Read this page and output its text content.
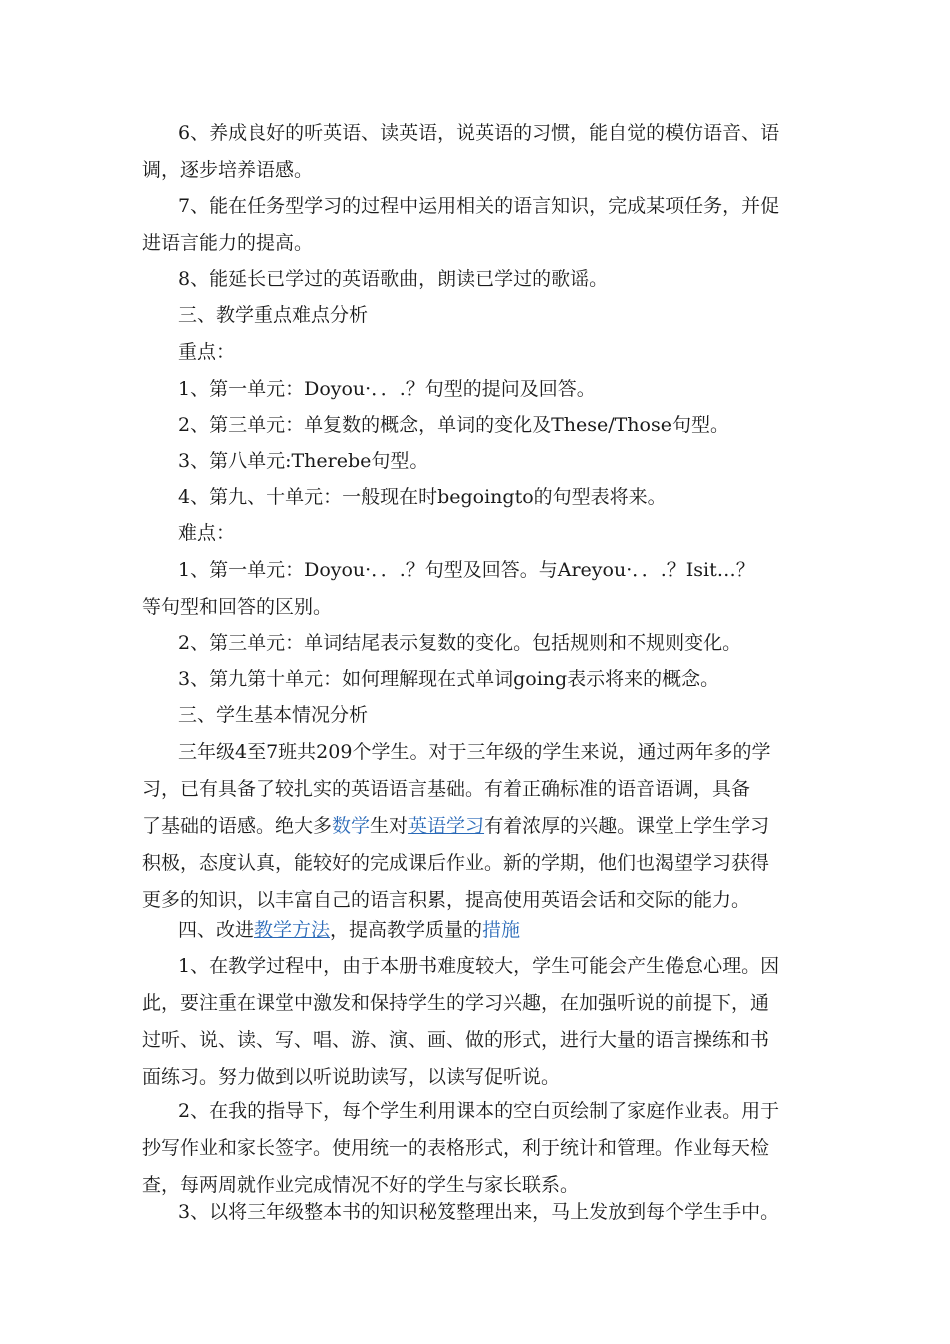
6、养成良好的听英语、读英语，说英语的习惯，能自觉的模仿语音、语
调，逐步培养语感。

7、能在任务型学习的过程中运用相关的语言知识，完成某项任务，并促
进语言能力的提高。

8、能延长已学过的英语歌曲，朗读已学过的歌谣。

三、教学重点难点分析

重点：

1、第一单元：Doyou·．．.？句型的提问及回答。

2、第三单元：单复数的概念，单词的变化及These/Those句型。

3、第八单元:Therebe句型。

4、第九、十单元：一般现在时begoingto的句型表将来。

难点：

1、第一单元：Doyou·．．.？句型及回答。与Areyou·．．.？Isit…？
等句型和回答的区别。

2、第三单元：单词结尾表示复数的变化。包括规则和不规则变化。

3、第九第十单元：如何理解现在式单词going表示将来的概念。

三、学生基本情况分析

三年级4至7班共209个学生。对于三年级的学生来说，通过两年多的学
习，已有具备了较扎实的英语语言基础。有着正确标准的语音语调，具备
了基础的语感。绝大多数学生对英语学习有着浓厚的兴趣。课堂上学生学习
积极，态度认真，能较好的完成课后作业。新的学期，他们也渴望学习获得
更多的知识，以丰富自己的语言积累，提高使用英语会话和交际的能力。

四、改进教学方法，提高教学质量的措施

1、在教学过程中，由于本册书难度较大，学生可能会产生倦怠心理。因
此，要注重在课堂中激发和保持学生的学习兴趣，在加强听说的前提下，通
过听、说、读、写、唱、游、演、画、做的形式，进行大量的语言操练和书
面练习。努力做到以听说助读写，以读写促听说。

2、在我的指导下，每个学生利用课本的空白页绘制了家庭作业表。用于
抄写作业和家长签字。使用统一的表格形式，利于统计和管理。作业每天检
查，每两周就作业完成情况不好的学生与家长联系。

3、以将三年级整本书的知识秘笈整理出来，马上发放到每个学生手中。
